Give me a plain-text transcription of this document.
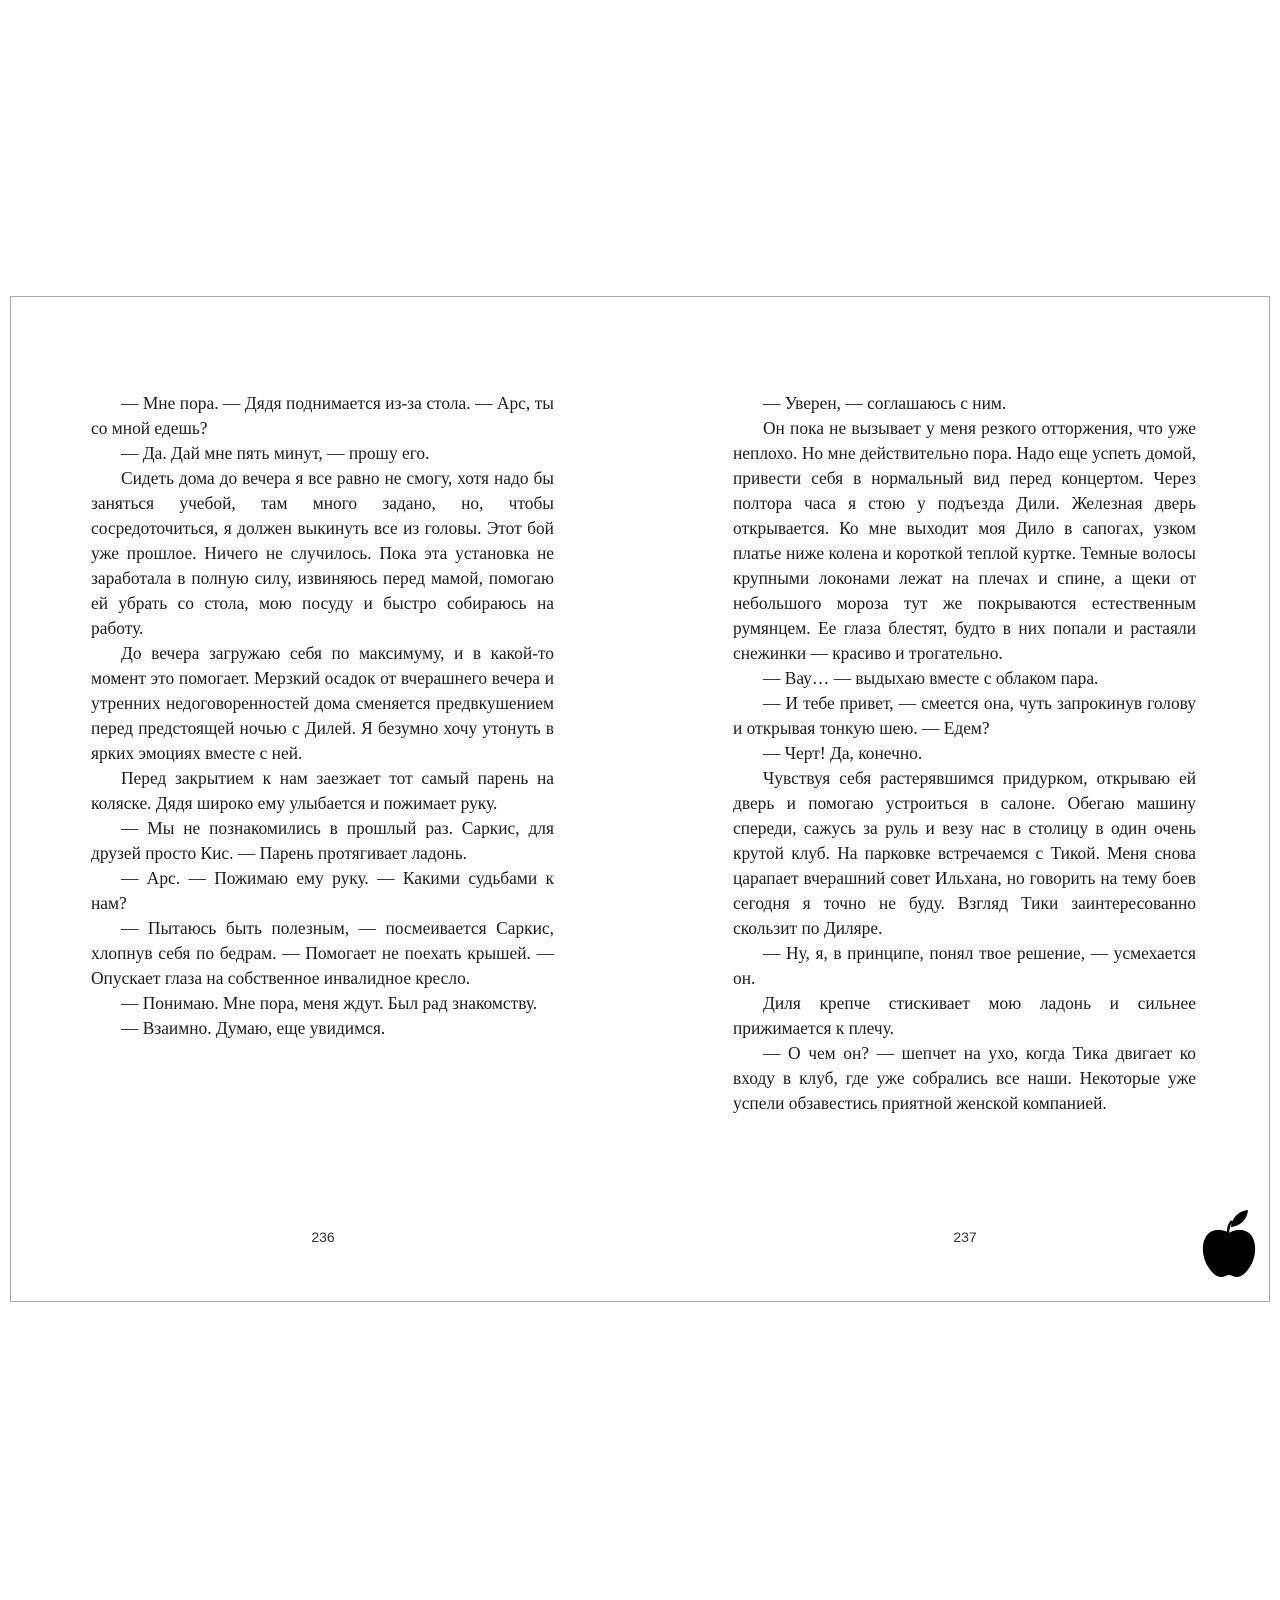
— Мне пора. — Дядя поднимается из-за стола. — Арс, ты со мной едешь?

— Да. Дай мне пять минут, — прошу его.

Сидеть дома до вечера я все равно не смогу, хотя надо бы заняться учебой, там много задано, но, чтобы сосредоточиться, я должен выкинуть все из головы. Этот бой уже прошлое. Ничего не случилось. Пока эта установка не заработала в полную силу, извиняюсь перед мамой, помогаю ей убрать со стола, мою посуду и быстро собираюсь на работу.

До вечера загружаю себя по максимуму, и в какой-то момент это помогает. Мерзкий осадок от вчерашнего вечера и утренних недоговоренностей дома сменяется предвкушением перед предстоящей ночью с Дилей. Я безумно хочу утонуть в ярких эмоциях вместе с ней.

Перед закрытием к нам заезжает тот самый парень на коляске. Дядя широко ему улыбается и пожимает руку.

— Мы не познакомились в прошлый раз. Саркис, для друзей просто Кис. — Парень протягивает ладонь.

— Арс. — Пожимаю ему руку. — Какими судьбами к нам?

— Пытаюсь быть полезным, — посмеивается Саркис, хлопнув себя по бедрам. — Помогает не поехать крышей. — Опускает глаза на собственное инвалидное кресло.

— Понимаю. Мне пора, меня ждут. Был рад знакомству.

— Взаимно. Думаю, еще увидимся.

— Уверен, — соглашаюсь с ним.

Он пока не вызывает у меня резкого отторжения, что уже неплохо. Но мне действительно пора. Надо еще успеть домой, привести себя в нормальный вид перед концертом. Через полтора часа я стою у подъезда Дили. Железная дверь открывается. Ко мне выходит моя Дило в сапогах, узком платье ниже колена и короткой теплой куртке. Темные волосы крупными локонами лежат на плечах и спине, а щеки от небольшого мороза тут же покрываются естественным румянцем. Ее глаза блестят, будто в них попали и растаяли снежинки — красиво и трогательно.

— Вау… — выдыхаю вместе с облаком пара.

— И тебе привет, — смеется она, чуть запрокинув голову и открывая тонкую шею. — Едем?

— Черт! Да, конечно.

Чувствуя себя растерявшимся придурком, открываю ей дверь и помогаю устроиться в салоне. Обегаю машину спереди, сажусь за руль и везу нас в столицу в один очень крутой клуб. На парковке встречаемся с Тикой. Меня снова царапает вчерашний совет Ильхана, но говорить на тему боев сегодня я точно не буду. Взгляд Тики заинтересованно скользит по Диляре.

— Ну, я, в принципе, понял твое решение, — усмехается он.

Диля крепче стискивает мою ладонь и сильнее прижимается к плечу.

— О чем он? — шепчет на ухо, когда Тика двигает ко входу в клуб, где уже собрались все наши. Некоторые уже успели обзавестись приятной женской компанией.

236	237
